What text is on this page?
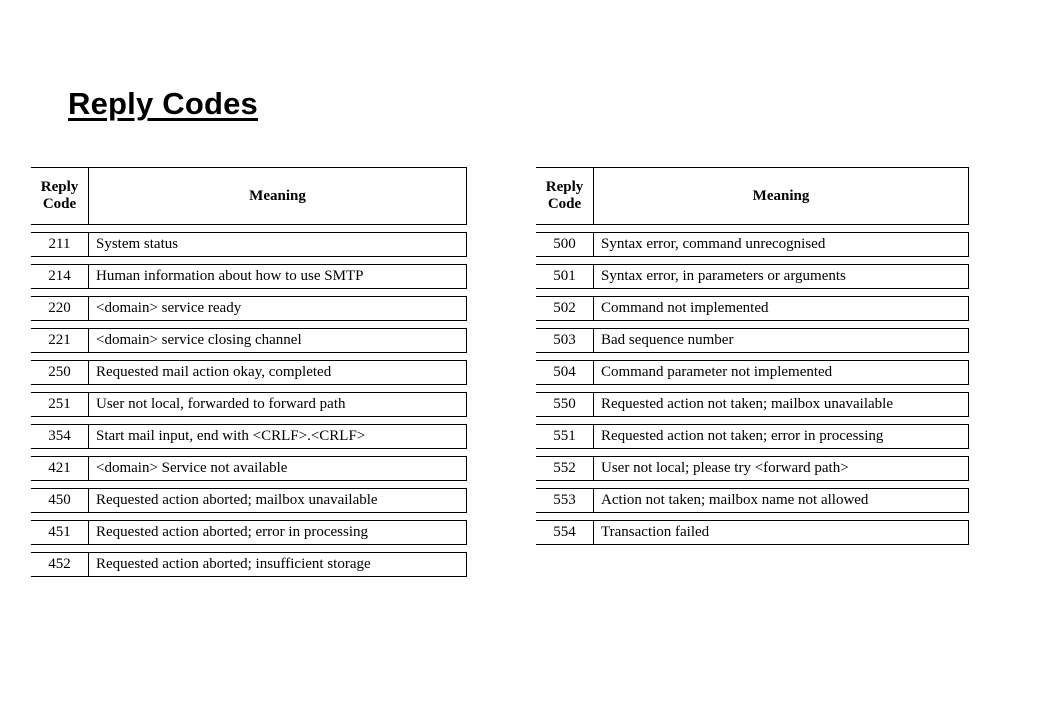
Reply Codes
Reply
Code	Meaning

211	System status

214	Human information about how to use SMTP

220	<domain> service ready

221	<domain> service closing channel

250	Requested mail action okay, completed

251	User not local, forwarded to forward path

354	Start mail input, end with <CRLF>.<CRLF>

421	<domain> Service not available

450	Requested action aborted; mailbox unavailable

451	Requested action aborted; error in processing

452	Requested action aborted; insufficient storage
Reply
Code	Meaning

500	Syntax error, command unrecognised

501	Syntax error, in parameters or arguments

502	Command not implemented

503	Bad sequence number

504	Command parameter not implemented

550	Requested action not taken; mailbox unavailable

551	Requested action not taken; error in processing

552	User not local; please try <forward path>

553	Action not taken; mailbox name not allowed

554	Transaction failed
